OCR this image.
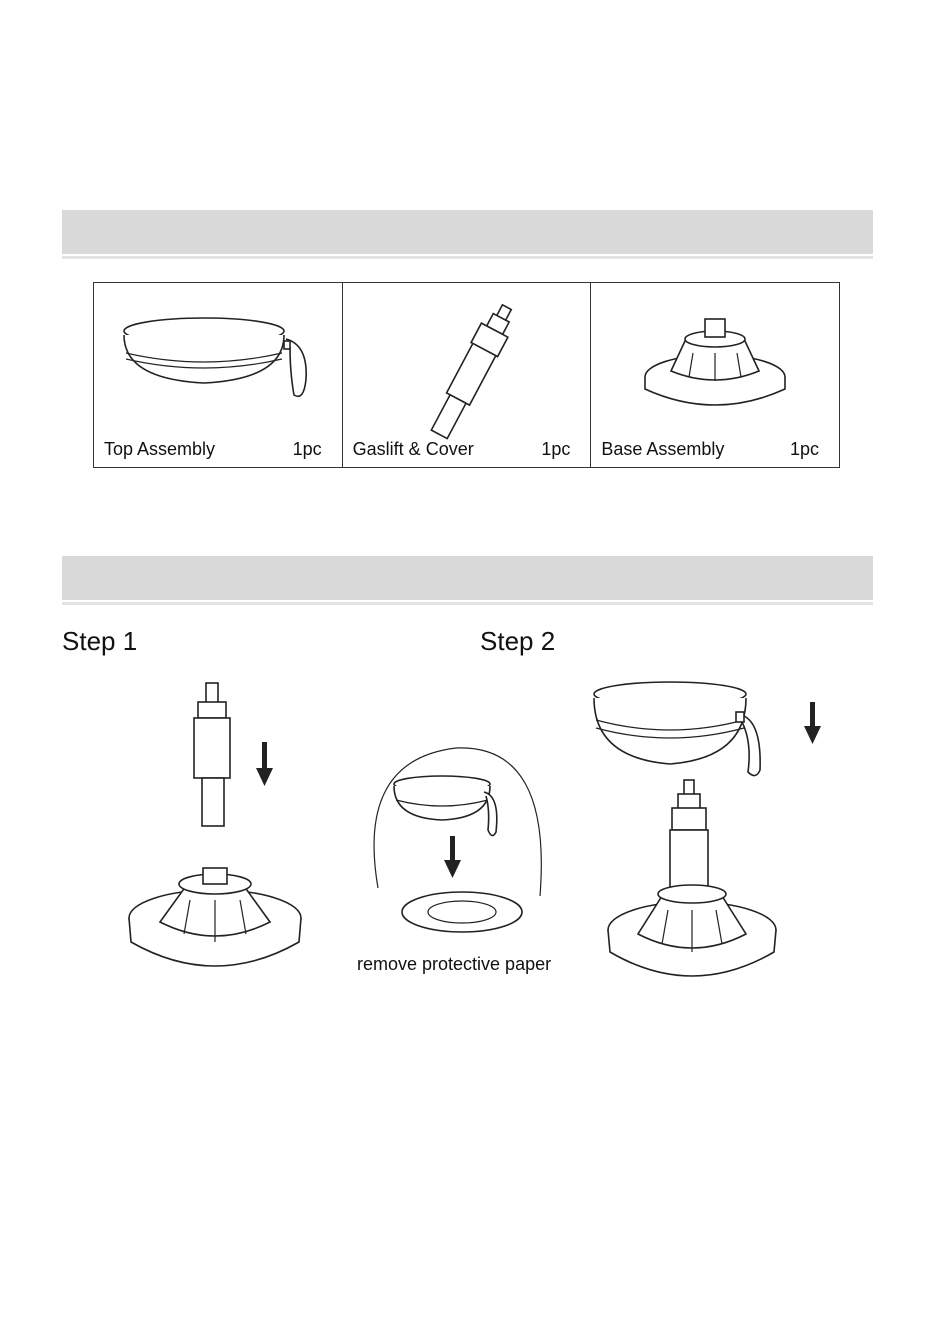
Top Assembly	1pc Gaslift & Cover	1pc Base Assembly	1pc
Step 1	Step 2
remove protective paper
